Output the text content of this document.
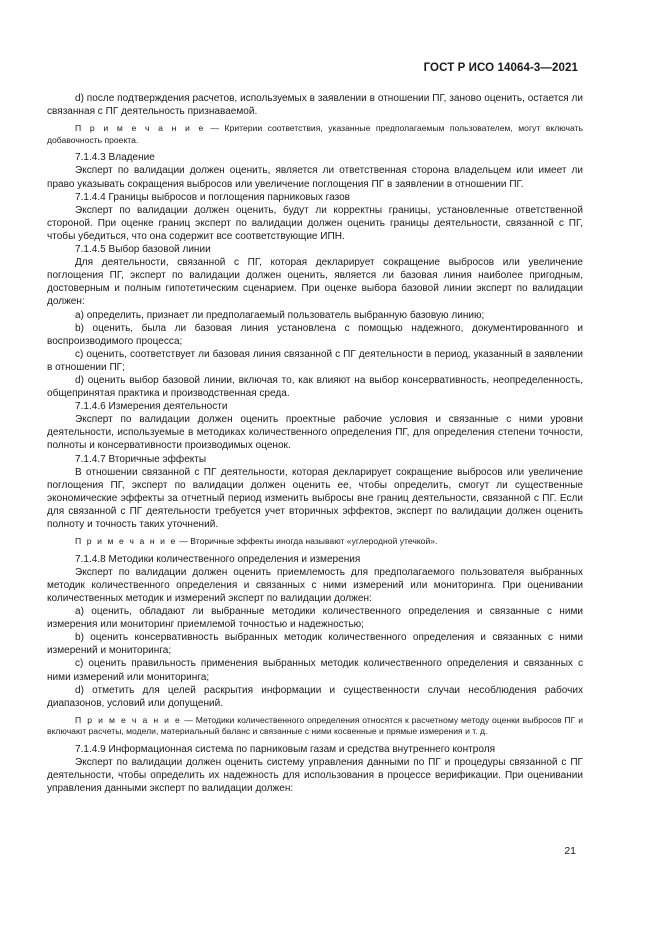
ГОСТ Р ИСО 14064-3—2021

d) после подтверждения расчетов, используемых в заявлении в отношении ПГ, заново оценить, остается ли связанная с ПГ деятельность признаваемой.

П р и м е ч а н и е — Критерии соответствия, указанные предполагаемым пользователем, могут включать добавочность проекта.

7.1.4.3 Владение

Эксперт по валидации должен оценить, является ли ответственная сторона владельцем или имеет ли право указывать сокращения выбросов или увеличение поглощения ПГ в заявлении в отношении ПГ.

7.1.4.4 Границы выбросов и поглощения парниковых газов

Эксперт по валидации должен оценить, будут ли корректны границы, установленные ответственной стороной. При оценке границ эксперт по валидации должен оценить границы деятельности, связанной с ПГ, чтобы убедиться, что она содержит все соответствующие ИПН.

7.1.4.5 Выбор базовой линии

Для деятельности, связанной с ПГ, которая декларирует сокращение выбросов или увеличение поглощения ПГ, эксперт по валидации должен оценить, является ли базовая линия наиболее пригодным, достоверным и полным гипотетическим сценарием. При оценке выбора базовой линии эксперт по валидации должен:

a) определить, признает ли предполагаемый пользователь выбранную базовую линию;

b) оценить, была ли базовая линия установлена с помощью надежного, документированного и воспроизводимого процесса;

c) оценить, соответствует ли базовая линия связанной с ПГ деятельности в период, указанный в заявлении в отношении ПГ;

d) оценить выбор базовой линии, включая то, как влияют на выбор консервативность, неопределенность, общепринятая практика и производственная среда.

7.1.4.6 Измерения деятельности

Эксперт по валидации должен оценить проектные рабочие условия и связанные с ними уровни деятельности, используемые в методиках количественного определения ПГ, для определения степени точности, полноты и консервативности производимых оценок.

7.1.4.7 Вторичные эффекты

В отношении связанной с ПГ деятельности, которая декларирует сокращение выбросов или увеличение поглощения ПГ, эксперт по валидации должен оценить ее, чтобы определить, смогут ли существенные экономические эффекты за отчетный период изменить выбросы вне границ деятельности, связанной с ПГ. Если для связанной с ПГ деятельности требуется учет вторичных эффектов, эксперт по валидации должен оценить полноту и точность таких уточнений.

П р и м е ч а н и е — Вторичные эффекты иногда называют «углеродной утечкой».

7.1.4.8 Методики количественного определения и измерения

Эксперт по валидации должен оценить приемлемость для предполагаемого пользователя выбранных методик количественного определения и связанных с ними измерений или мониторинга. При оценивании количественных методик и измерений эксперт по валидации должен:

a) оценить, обладают ли выбранные методики количественного определения и связанные с ними измерения или мониторинг приемлемой точностью и надежностью;

b) оценить консервативность выбранных методик количественного определения и связанных с ними измерений и мониторинга;

c) оценить правильность применения выбранных методик количественного определения и связанных с ними измерений или мониторинга;

d) отметить для целей раскрытия информации и существенности случаи несоблюдения рабочих диапазонов, условий или допущений.

П р и м е ч а н и е — Методики количественного определения относятся к расчетному методу оценки выбросов ПГ и включают расчеты, модели, материальный баланс и связанные с ними косвенные и прямые измерения и т. д.

7.1.4.9 Информационная система по парниковым газам и средства внутреннего контроля

Эксперт по валидации должен оценить систему управления данными по ПГ и процедуры связанной с ПГ деятельности, чтобы определить их надежность для использования в процессе верификации. При оценивании управления данными эксперт по валидации должен:

21
